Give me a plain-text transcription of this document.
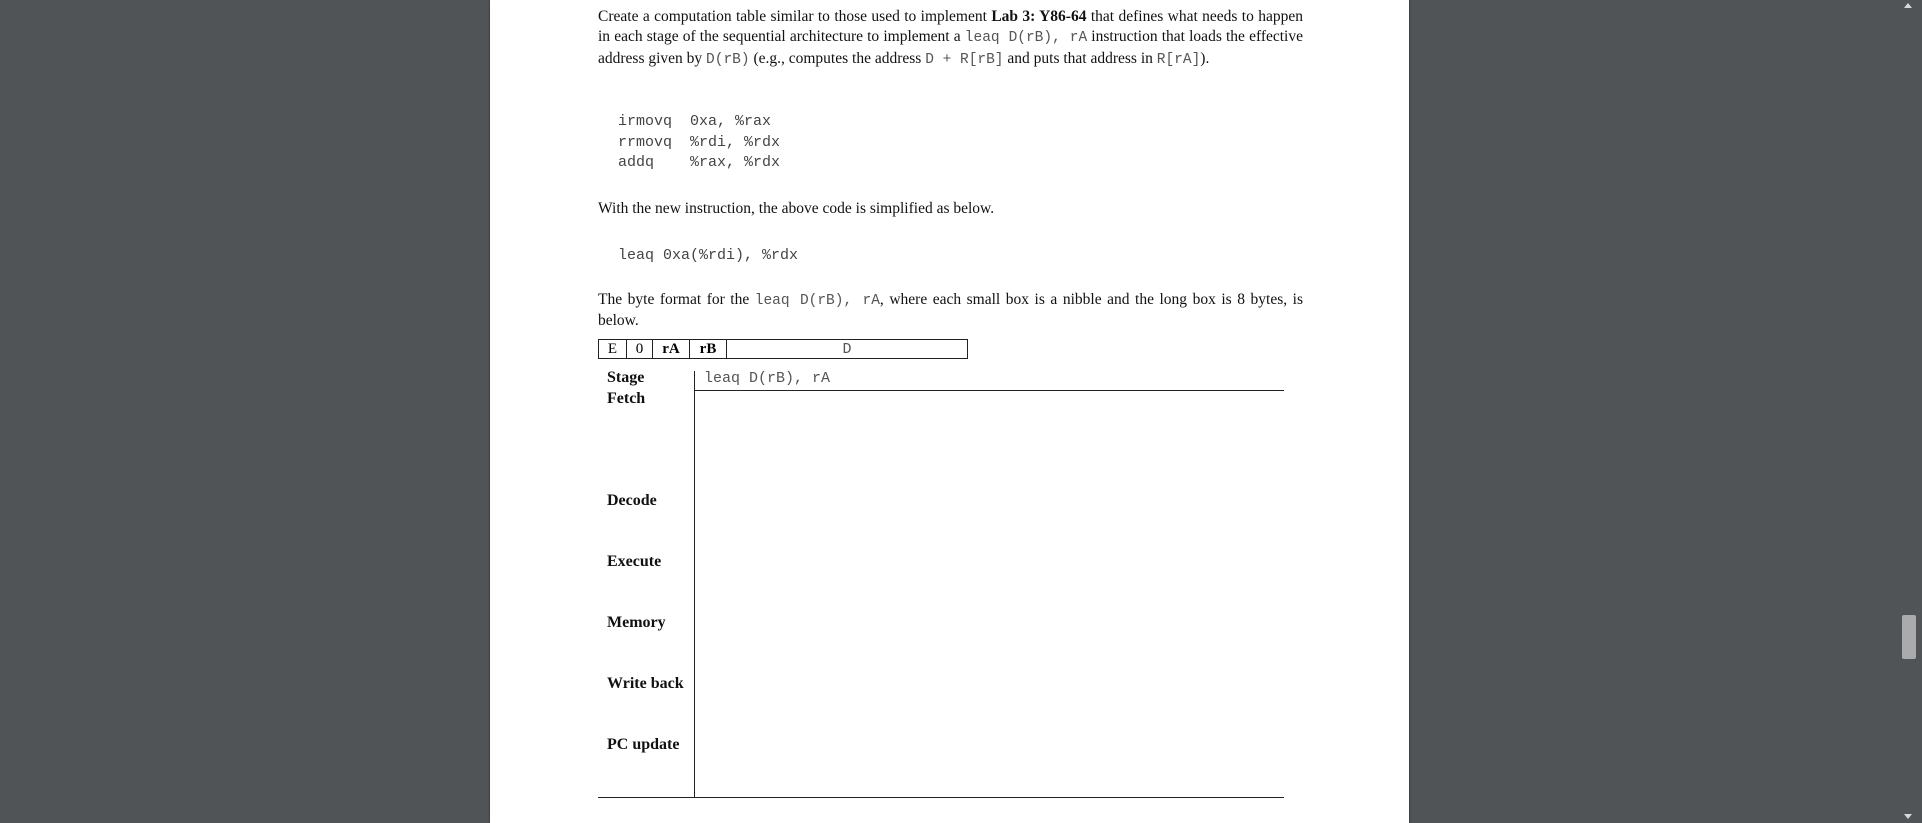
Create a computation table similar to those used to implement Lab 3: Y86-64 that defines what needs to happen in each stage of the sequential architecture to implement a leaq D(rB), rA instruction that loads the effective address given by D(rB) (e.g., computes the address D + R[rB] and puts that address in R[rA]).
irmovq  0xa, %rax
rrmovq  %rdi, %rdx
addq    %rax, %rdx
With the new instruction, the above code is simplified as below.
leaq 0xa(%rdi), %rdx
The byte format for the leaq D(rB), rA, where each small box is a nibble and the long box is 8 bytes, is below.
E	0	rA	rB	D
Stage	leaq D(rB), rA
Fetch
Decode
Execute
Memory
Write back
PC update
